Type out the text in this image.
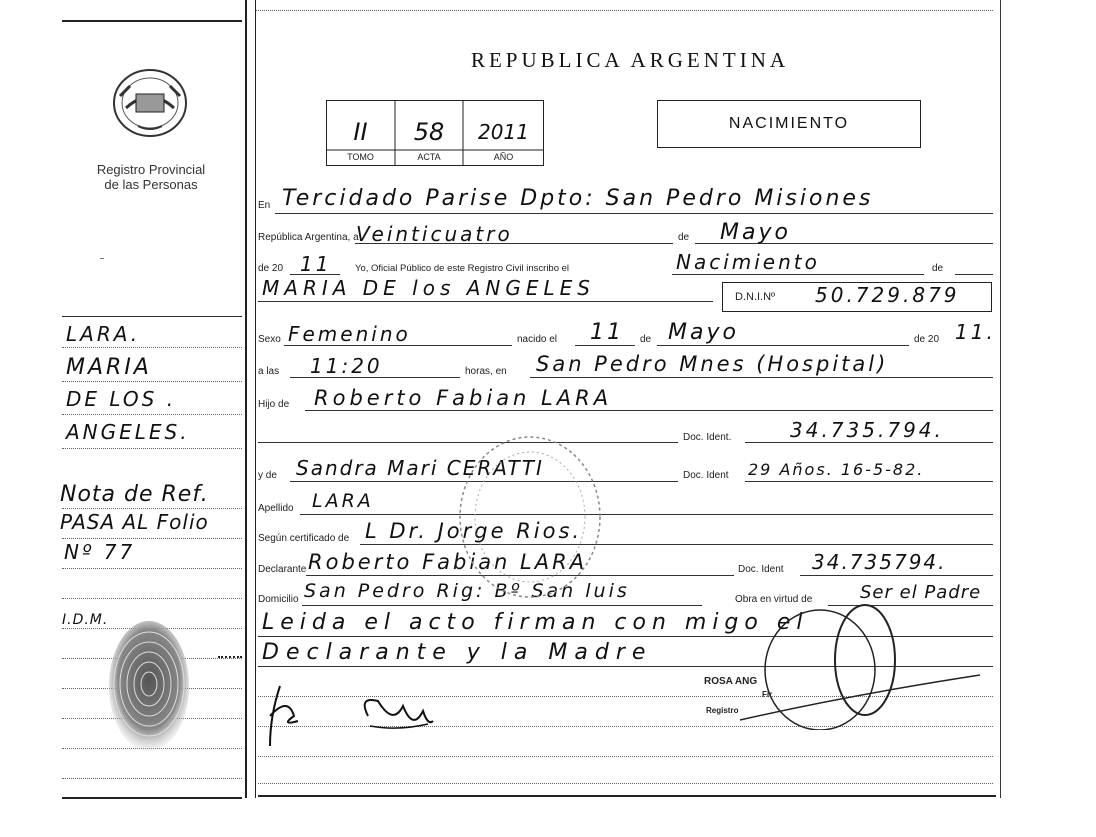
Registro Provincial
de las Personas
REPUBLICA ARGENTINA
II	58	2011
TOMO	ACTA	AÑO
NACIMIENTO
En Tercidado Parise Dpto: San Pedro Misiones
República Argentina, a
Veinticuatro	de Mayo
de 20 11 Yo, Oficial Público de este Registro Civil inscribo el	Nacimiento	de
MARIA DE los ANGELES	D.N.I.Nº 50.729.879
Sexo Femenino	nacido el 11 de Mayo	de 20 11.
a las 11:20	horas, en San Pedro Mnes (Hospital)
Hijo de Roberto Fabian LARA
Doc. Ident.	34.735.794.
y de Sandra Mari CERATTI	Doc. Ident 29 Años. 16-5-82.
Apellido LARA
Según certificado de L Dr. Jorge Rios.
Declarante Roberto Fabian LARA	Doc. Ident 34.735794.
Domicilio San Pedro Rig: Bº San luis	Obra en virtud de	Ser el Padre
Leida el acto firman con migo el
Declarante y la Madre
ROSA ANG
Fir
Registro
LARA.
MARIA
DE LOS .
ANGELES.
Nota de Ref.
PASA AL Folio
Nº 77
I.D.M.
